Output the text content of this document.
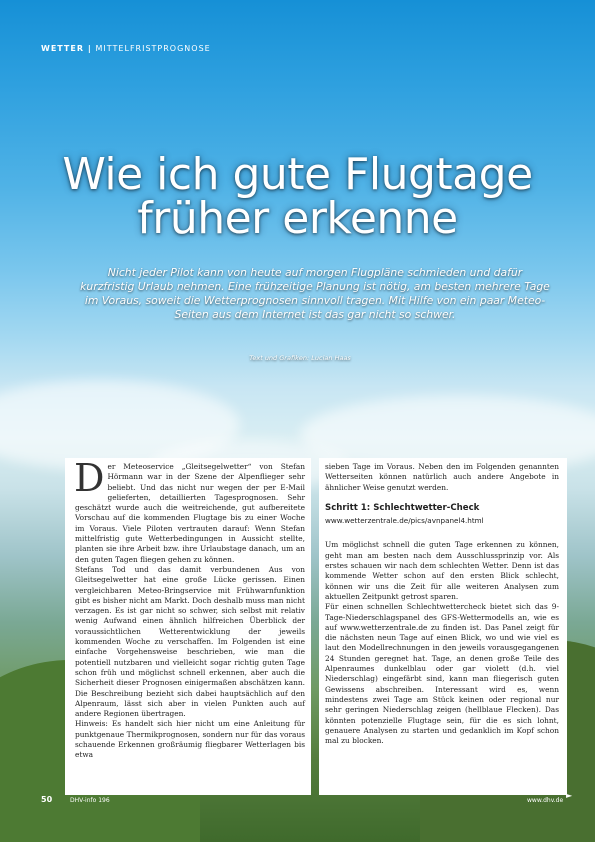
WETTER | MITTELFRISTPROGNOSE
Wie ich gute Flugtage
früher erkenne
Nicht jeder Pilot kann von heute auf morgen Flugpläne schmieden und dafür kurzfristig Urlaub nehmen. Eine frühzeitige Planung ist nötig, am besten mehrere Tage im Voraus, soweit die Wetterprognosen sinnvoll tragen. Mit Hilfe von ein paar Meteo-Seiten aus dem Internet ist das gar nicht so schwer.
Text und Grafiken: Lucian Haas
D er Meteoservice „Gleitsegelwetter“ von Stefan Hörmann war in der Szene der Alpenflieger sehr beliebt. Und das nicht nur wegen der per E-Mail gelieferten, detaillierten Tagesprognosen. Sehr geschätzt wurde auch die weitreichende, gut aufbereitete Vorschau auf die kommenden Flugtage bis zu einer Woche im Voraus. Viele Piloten vertrauten darauf: Wenn Stefan mittelfristig gute Wetterbedingungen in Aussicht stellte, planten sie ihre Arbeit bzw. ihre Urlaubstage danach, um an den guten Tagen fliegen gehen zu können.

Stefans Tod und das damit verbundenen Aus von Gleitsegelwetter hat eine große Lücke gerissen. Einen vergleichbaren Meteo-Bringservice mit Frühwarnfunktion gibt es bisher nicht am Markt. Doch deshalb muss man nicht verzagen. Es ist gar nicht so schwer, sich selbst mit relativ wenig Aufwand einen ähnlich hilfreichen Überblick der voraussichtlichen Wetterentwicklung der jeweils kommenden Woche zu verschaffen. Im Folgenden ist eine einfache Vorgehensweise beschrieben, wie man die potentiell nutzbaren und vielleicht sogar richtig guten Tage schon früh und möglichst schnell erkennen, aber auch die Sicherheit dieser Prognosen einigermaßen abschätzen kann. Die Beschreibung bezieht sich dabei hauptsächlich auf den Alpenraum, lässt sich aber in vielen Punkten auch auf andere Regionen übertragen.

Hinweis: Es handelt sich hier nicht um eine Anleitung für punktgenaue Thermikprognosen, sondern nur für das voraus schauende Erkennen großräumig fliegbarer Wetterlagen bis etwa

sieben Tage im Voraus. Neben den im Folgenden genannten Wetterseiten können natürlich auch andere Angebote in ähnlicher Weise genutzt werden.

Schritt 1: Schlechtwetter-Check
www.wetterzentrale.de/pics/avnpanel4.html

Um möglichst schnell die guten Tage erkennen zu können, geht man am besten nach dem Ausschlussprinzip vor. Als erstes schauen wir nach dem schlechten Wetter. Denn ist das kommende Wetter schon auf den ersten Blick schlecht, können wir uns die Zeit für alle weiteren Analysen zum aktuellen Zeitpunkt getrost sparen.

Für einen schnellen Schlechtwettercheck bietet sich das 9-Tage-Niederschlagspanel des GFS-Wettermodells an, wie es auf www.wetterzentrale.de zu finden ist. Das Panel zeigt für die nächsten neun Tage auf einen Blick, wo und wie viel es laut den Modellrechnungen in den jeweils vorausgegangenen 24 Stunden geregnet hat. Tage, an denen große Teile des Alpenraumes dunkelblau oder gar violett (d.h. viel Niederschlag) eingefärbt sind, kann man fliegerisch guten Gewissens abschreiben. Interessant wird es, wenn mindestens zwei Tage am Stück keinen oder regional nur sehr geringen Niederschlag zeigen (hellblaue Flecken). Das könnten potenzielle Flugtage sein, für die es sich lohnt, genauere Analysen zu starten und gedanklich im Kopf schon mal zu blocken.

►
50	DHV-info 196	www.dhv.de
